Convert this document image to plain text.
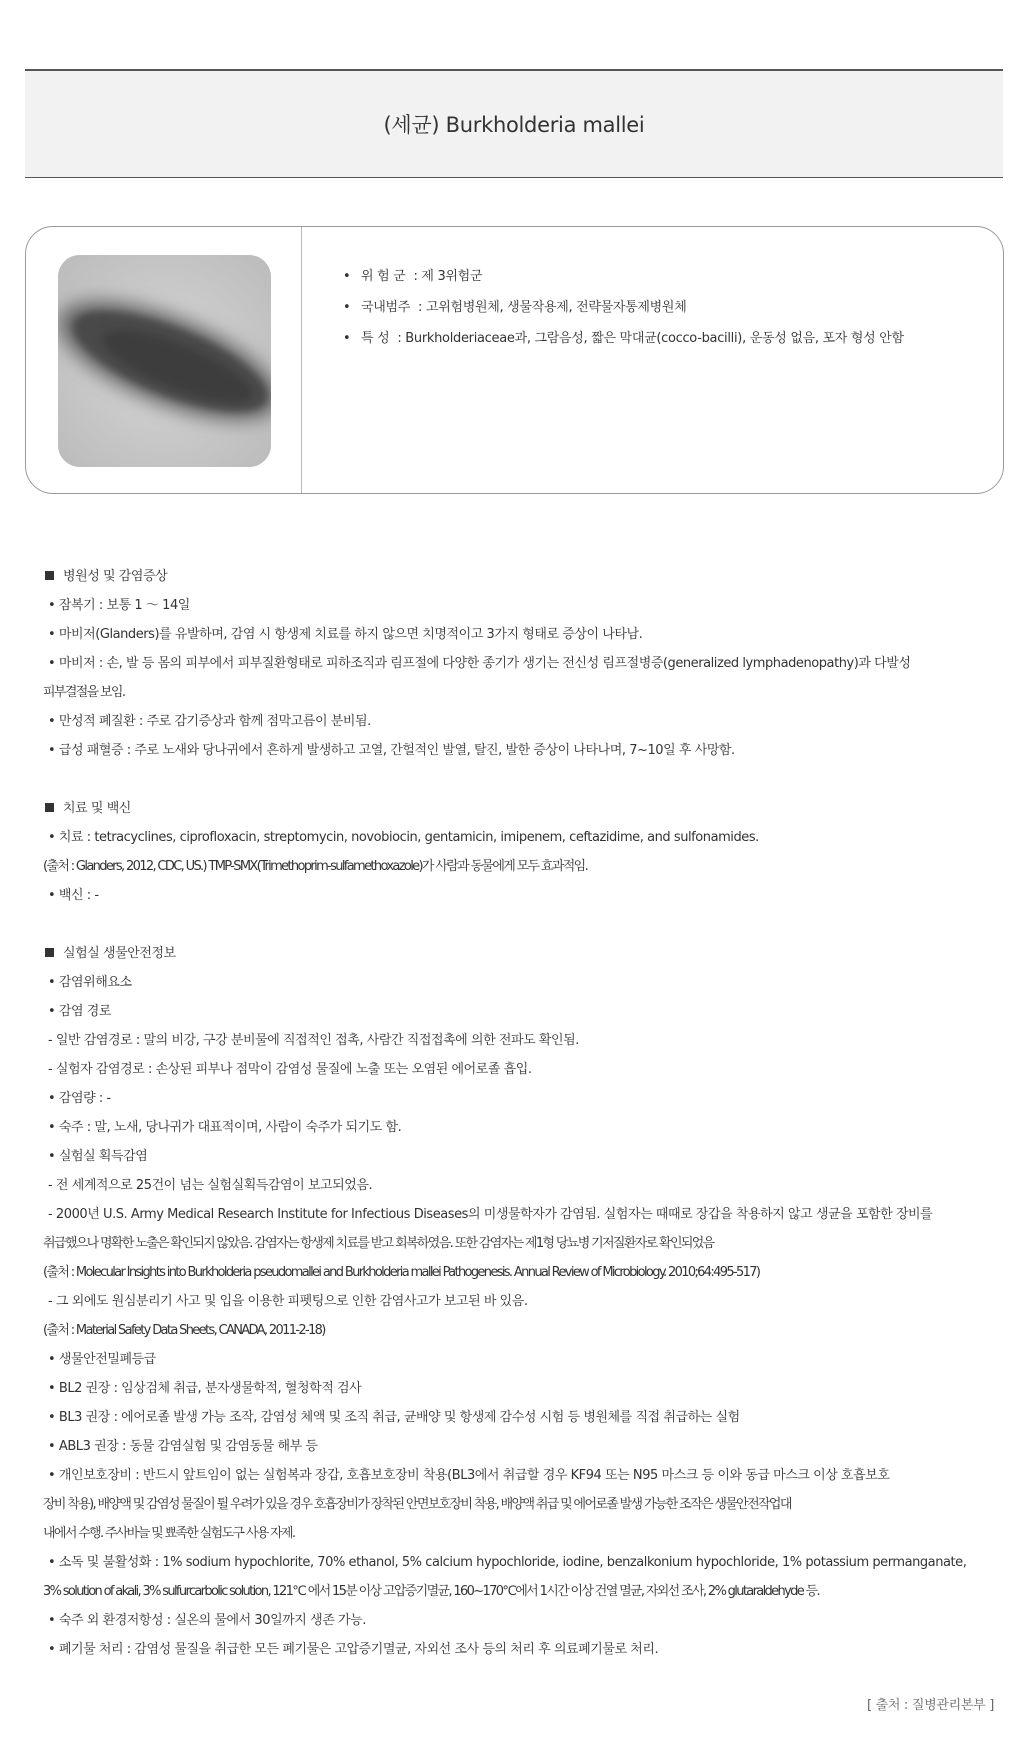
(세균) Burkholderia mallei
• 위 험 군 : 제 3위험군
• 국내범주 : 고위험병원체, 생물작용제, 전략물자통제병원체
• 특 성 : Burkholderiaceae과, 그람음성, 짧은 막대균(cocco-bacilli), 운동성 없음, 포자 형성 안함
병원성 및 감염증상
• 잠복기 : 보통 1 ～ 14일
• 마비저(Glanders)를 유발하며, 감염 시 항생제 치료를 하지 않으면 치명적이고 3가지 형태로 증상이 나타남.
• 마비저 : 손, 발 등 몸의 피부에서 피부질환형태로 피하조직과 림프절에 다양한 종기가 생기는 전신성 림프절병증(generalized lymphadenopathy)과 다발성
피부결절을 보임.
• 만성적 폐질환 : 주로 감기증상과 함께 점막고름이 분비됨.
• 급성 패혈증 : 주로 노새와 당나귀에서 흔하게 발생하고 고열, 간헐적인 발열, 탈진, 발한 증상이 나타나며, 7~10일 후 사망함.
치료 및 백신
• 치료 : tetracyclines, ciprofloxacin, streptomycin, novobiocin, gentamicin, imipenem, ceftazidime, and sulfonamides.
(출처 : Glanders, 2012, CDC, US.) TMP-SMX(Trimethoprim-sulfamethoxazole)가 사람과 동물에게 모두 효과적임.
• 백신 : -
실험실 생물안전정보
• 감염위해요소
• 감염 경로
- 일반 감염경로 : 말의 비강, 구강 분비물에 직접적인 접촉, 사람간 직접접촉에 의한 전파도 확인됨.
- 실험자 감염경로 : 손상된 피부나 점막이 감염성 물질에 노출 또는 오염된 에어로졸 흡입.
• 감염량 : -
• 숙주 : 말, 노새, 당나귀가 대표적이며, 사람이 숙주가 되기도 함.
• 실험실 획득감염
- 전 세계적으로 25건이 넘는 실험실획득감염이 보고되었음.
- 2000년 U.S. Army Medical Research Institute for Infectious Diseases의 미생물학자가 감염됨. 실험자는 때때로 장갑을 착용하지 않고 생균을 포함한 장비를
취급했으나 명확한 노출은 확인되지 않았음. 감염자는 항생제 치료를 받고 회복하였음. 또한 감염자는 제1형 당뇨병 기저질환자로 확인되었음
(출처 : Molecular Insights into Burkholderia pseudomallei and Burkholderia mallei Pathogenesis. Annual Review of Microbiology. 2010;64:495-517)
- 그 외에도 원심분리기 사고 및 입을 이용한 피펫팅으로 인한 감염사고가 보고된 바 있음.
(출처 : Material Safety Data Sheets, CANADA, 2011-2-18)
• 생물안전밀폐등급
• BL2 권장 : 임상검체 취급, 분자생물학적, 혈청학적 검사
• BL3 권장 : 에어로졸 발생 가능 조작, 감염성 체액 및 조직 취급, 균배양 및 항생제 감수성 시험 등 병원체를 직접 취급하는 실험
• ABL3 권장 : 동물 감염실험 및 감염동물 해부 등
• 개인보호장비 : 반드시 앞트임이 없는 실험복과 장갑, 호흡보호장비 착용(BL3에서 취급할 경우 KF94 또는 N95 마스크 등 이와 동급 마스크 이상 호흡보호
장비 착용), 배양액 및 감염성 물질이 튈 우려가 있을 경우 호흡장비가 장착된 안면보호장비 착용, 배양액 취급 및 에어로졸 발생 가능한 조작은 생물안전작업대
내에서 수행. 주사바늘 및 뾰족한 실험도구 사용 자제.
• 소독 및 불활성화 : 1% sodium hypochlorite, 70% ethanol, 5% calcium hypochloride, iodine, benzalkonium hypochloride, 1% potassium permanganate,
3% solution of akali, 3% sulfurcarbolic solution, 121℃ 에서 15분 이상 고압증기멸균, 160~170℃에서 1시간 이상 건열 멸균, 자외선 조사, 2% glutaraldehyde 등.
• 숙주 외 환경저항성 : 실온의 물에서 30일까지 생존 가능.
• 폐기물 처리 : 감염성 물질을 취급한 모든 폐기물은 고압증기멸균, 자외선 조사 등의 처리 후 의료폐기물로 처리.
[ 출처 : 질병관리본부 ]
